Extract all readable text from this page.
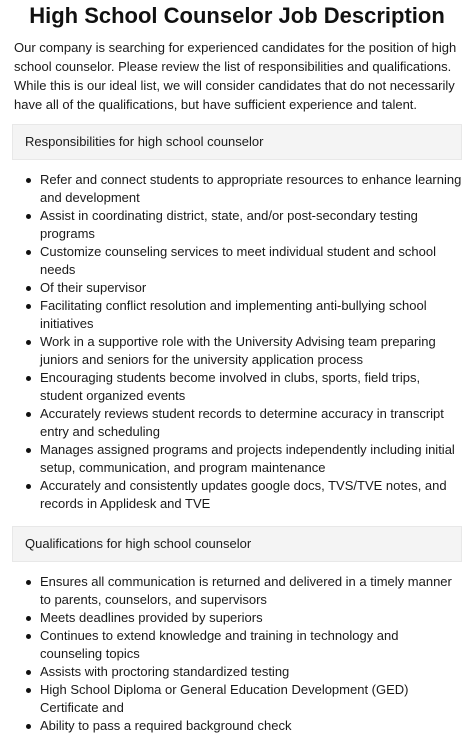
High School Counselor Job Description

Our company is searching for experienced candidates for the position of high school counselor. Please review the list of responsibilities and qualifications. While this is our ideal list, we will consider candidates that do not necessarily have all of the qualifications, but have sufficient experience and talent.

Responsibilities for high school counselor
Refer and connect students to appropriate resources to enhance learning and development
Assist in coordinating district, state, and/or post-secondary testing programs
Customize counseling services to meet individual student and school needs
Of their supervisor
Facilitating conflict resolution and implementing anti-bullying school initiatives
Work in a supportive role with the University Advising team preparing juniors and seniors for the university application process
Encouraging students become involved in clubs, sports, field trips, student organized events
Accurately reviews student records to determine accuracy in transcript entry and scheduling
Manages assigned programs and projects independently including initial setup, communication, and program maintenance
Accurately and consistently updates google docs, TVS/TVE notes, and records in Applidesk and TVE
Qualifications for high school counselor
Ensures all communication is returned and delivered in a timely manner to parents, counselors, and supervisors
Meets deadlines provided by superiors
Continues to extend knowledge and training in technology and counseling topics
Assists with proctoring standardized testing
High School Diploma or General Education Development (GED) Certificate and
Ability to pass a required background check
